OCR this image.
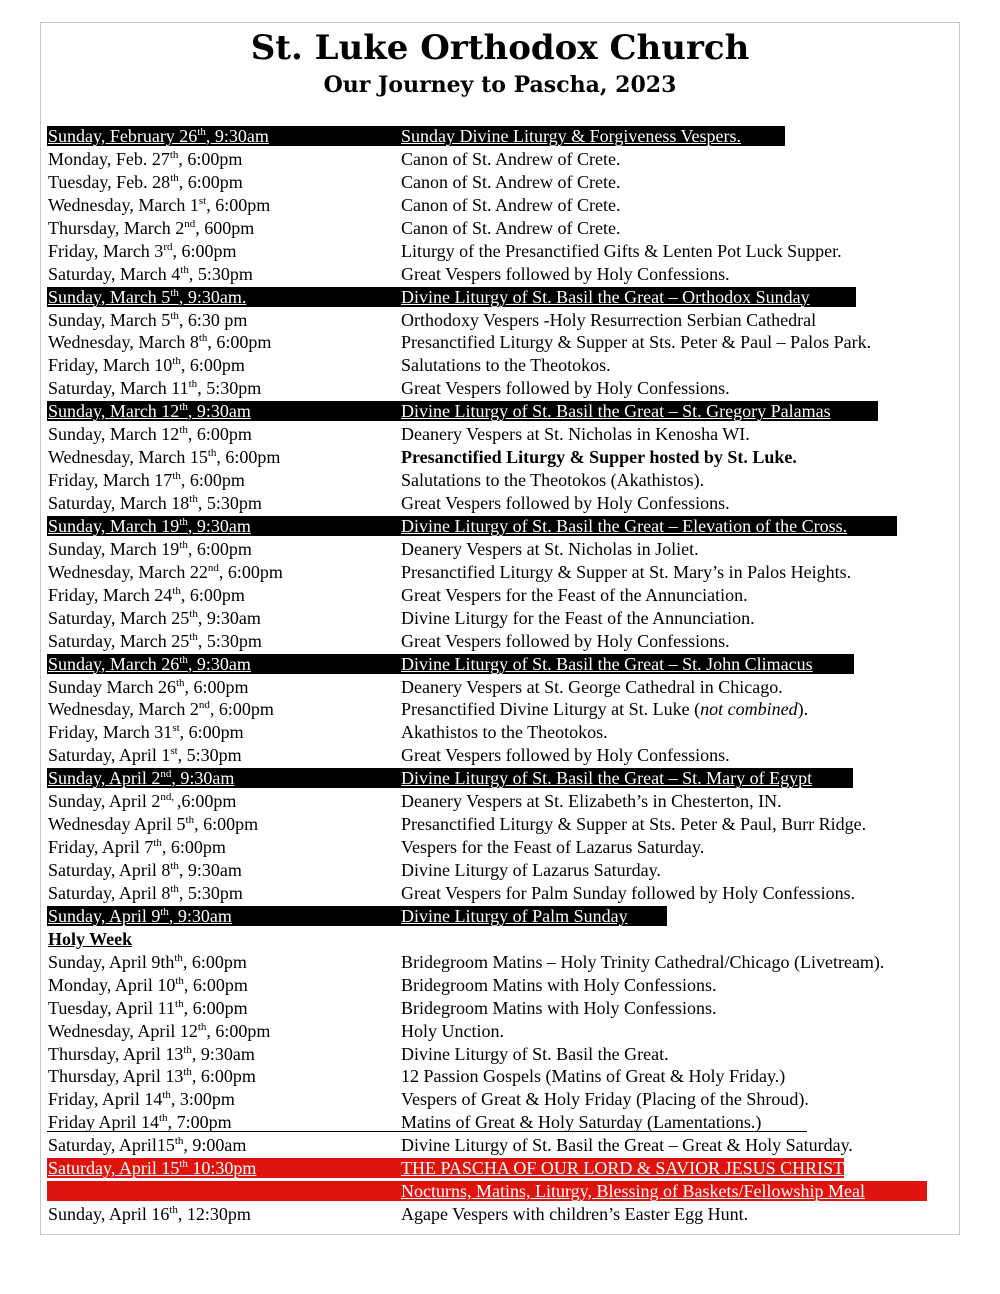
St. Luke Orthodox Church
Our Journey to Pascha, 2023
Sunday, February 26th, 9:30am	Sunday Divine Liturgy & Forgiveness Vespers.
Monday, Feb. 27th, 6:00pm	Canon of St. Andrew of Crete.
Tuesday, Feb. 28th, 6:00pm	Canon of St. Andrew of Crete.
Wednesday, March 1st, 6:00pm	Canon of St. Andrew of Crete.
Thursday, March 2nd, 600pm	Canon of St. Andrew of Crete.
Friday, March 3rd, 6:00pm	Liturgy of the Presanctified Gifts & Lenten Pot Luck Supper.
Saturday, March 4th, 5:30pm	Great Vespers followed by Holy Confessions.
Sunday, March 5th, 9:30am.	Divine Liturgy of St. Basil the Great – Orthodox Sunday
Sunday, March 5th, 6:30 pm	Orthodoxy Vespers -Holy Resurrection Serbian Cathedral
Wednesday, March 8th, 6:00pm	Presanctified Liturgy & Supper at Sts. Peter & Paul – Palos Park.
Friday, March 10th, 6:00pm	Salutations to the Theotokos.
Saturday, March 11th, 5:30pm	Great Vespers followed by Holy Confessions.
Sunday, March 12th, 9:30am	Divine Liturgy of St. Basil the Great – St. Gregory Palamas
Sunday, March 12th, 6:00pm	Deanery Vespers at St. Nicholas in Kenosha WI.
Wednesday, March 15th, 6:00pm	Presanctified Liturgy & Supper hosted by St. Luke.
Friday, March 17th, 6:00pm	Salutations to the Theotokos (Akathistos).
Saturday, March 18th, 5:30pm	Great Vespers followed by Holy Confessions.
Sunday, March 19th, 9:30am	Divine Liturgy of St. Basil the Great – Elevation of the Cross.
Sunday, March 19th, 6:00pm	Deanery Vespers at St. Nicholas in Joliet.
Wednesday, March 22nd, 6:00pm	Presanctified Liturgy & Supper at St. Mary’s in Palos Heights.
Friday, March 24th, 6:00pm	Great Vespers for the Feast of the Annunciation.
Saturday, March 25th, 9:30am	Divine Liturgy for the Feast of the Annunciation.
Saturday, March 25th, 5:30pm	Great Vespers followed by Holy Confessions.
Sunday, March 26th, 9:30am	Divine Liturgy of St. Basil the Great – St. John Climacus
Sunday March 26th, 6:00pm	Deanery Vespers at St. George Cathedral in Chicago.
Wednesday, March 2nd, 6:00pm	Presanctified Divine Liturgy at St. Luke (not combined).
Friday, March 31st, 6:00pm	Akathistos to the Theotokos.
Saturday, April 1st, 5:30pm	Great Vespers followed by Holy Confessions.
Sunday, April 2nd, 9:30am	Divine Liturgy of St. Basil the Great – St. Mary of Egypt
Sunday, April $2^{nd,}$ ,6:00pm	Deanery Vespers at St. Elizabeth’s in Chesterton, IN.
Wednesday April 5th, 6:00pm	Presanctified Liturgy & Supper at Sts. Peter & Paul, Burr Ridge.
Friday, April 7th, 6:00pm	Vespers for the Feast of Lazarus Saturday.
Saturday, April 8th, 9:30am	Divine Liturgy of Lazarus Saturday.
Saturday, April 8th, 5:30pm	Great Vespers for Palm Sunday followed by Holy Confessions.
Sunday, April 9th, 9:30am	Divine Liturgy of Palm Sunday
Holy Week
Sunday, April $9th^{th}$, 6:00pm	Bridegroom Matins – Holy Trinity Cathedral/Chicago (Livetream).
Monday, April 10th, 6:00pm	Bridegroom Matins with Holy Confessions.
Tuesday, April 11th, 6:00pm	Bridegroom Matins with Holy Confessions.
Wednesday, April 12th, 6:00pm	Holy Unction.
Thursday, April 13th, 9:30am	Divine Liturgy of St. Basil the Great.
Thursday, April 13th, 6:00pm	12 Passion Gospels (Matins of Great & Holy Friday.)
Friday, April 14th, 3:00pm	Vespers of Great & Holy Friday (Placing of the Shroud).
Friday April 14th, 7:00pm	Matins of Great & Holy Saturday (Lamentations.)
Saturday, April15th, 9:00am	Divine Liturgy of St. Basil the Great – Great & Holy Saturday.
Saturday, April 15th 10:30pm	THE PASCHA OF OUR LORD & SAVIOR JESUS CHRIST
Nocturns, Matins, Liturgy, Blessing of Baskets/Fellowship Meal
Sunday, April 16th, 12:30pm	Agape Vespers with children’s Easter Egg Hunt.
